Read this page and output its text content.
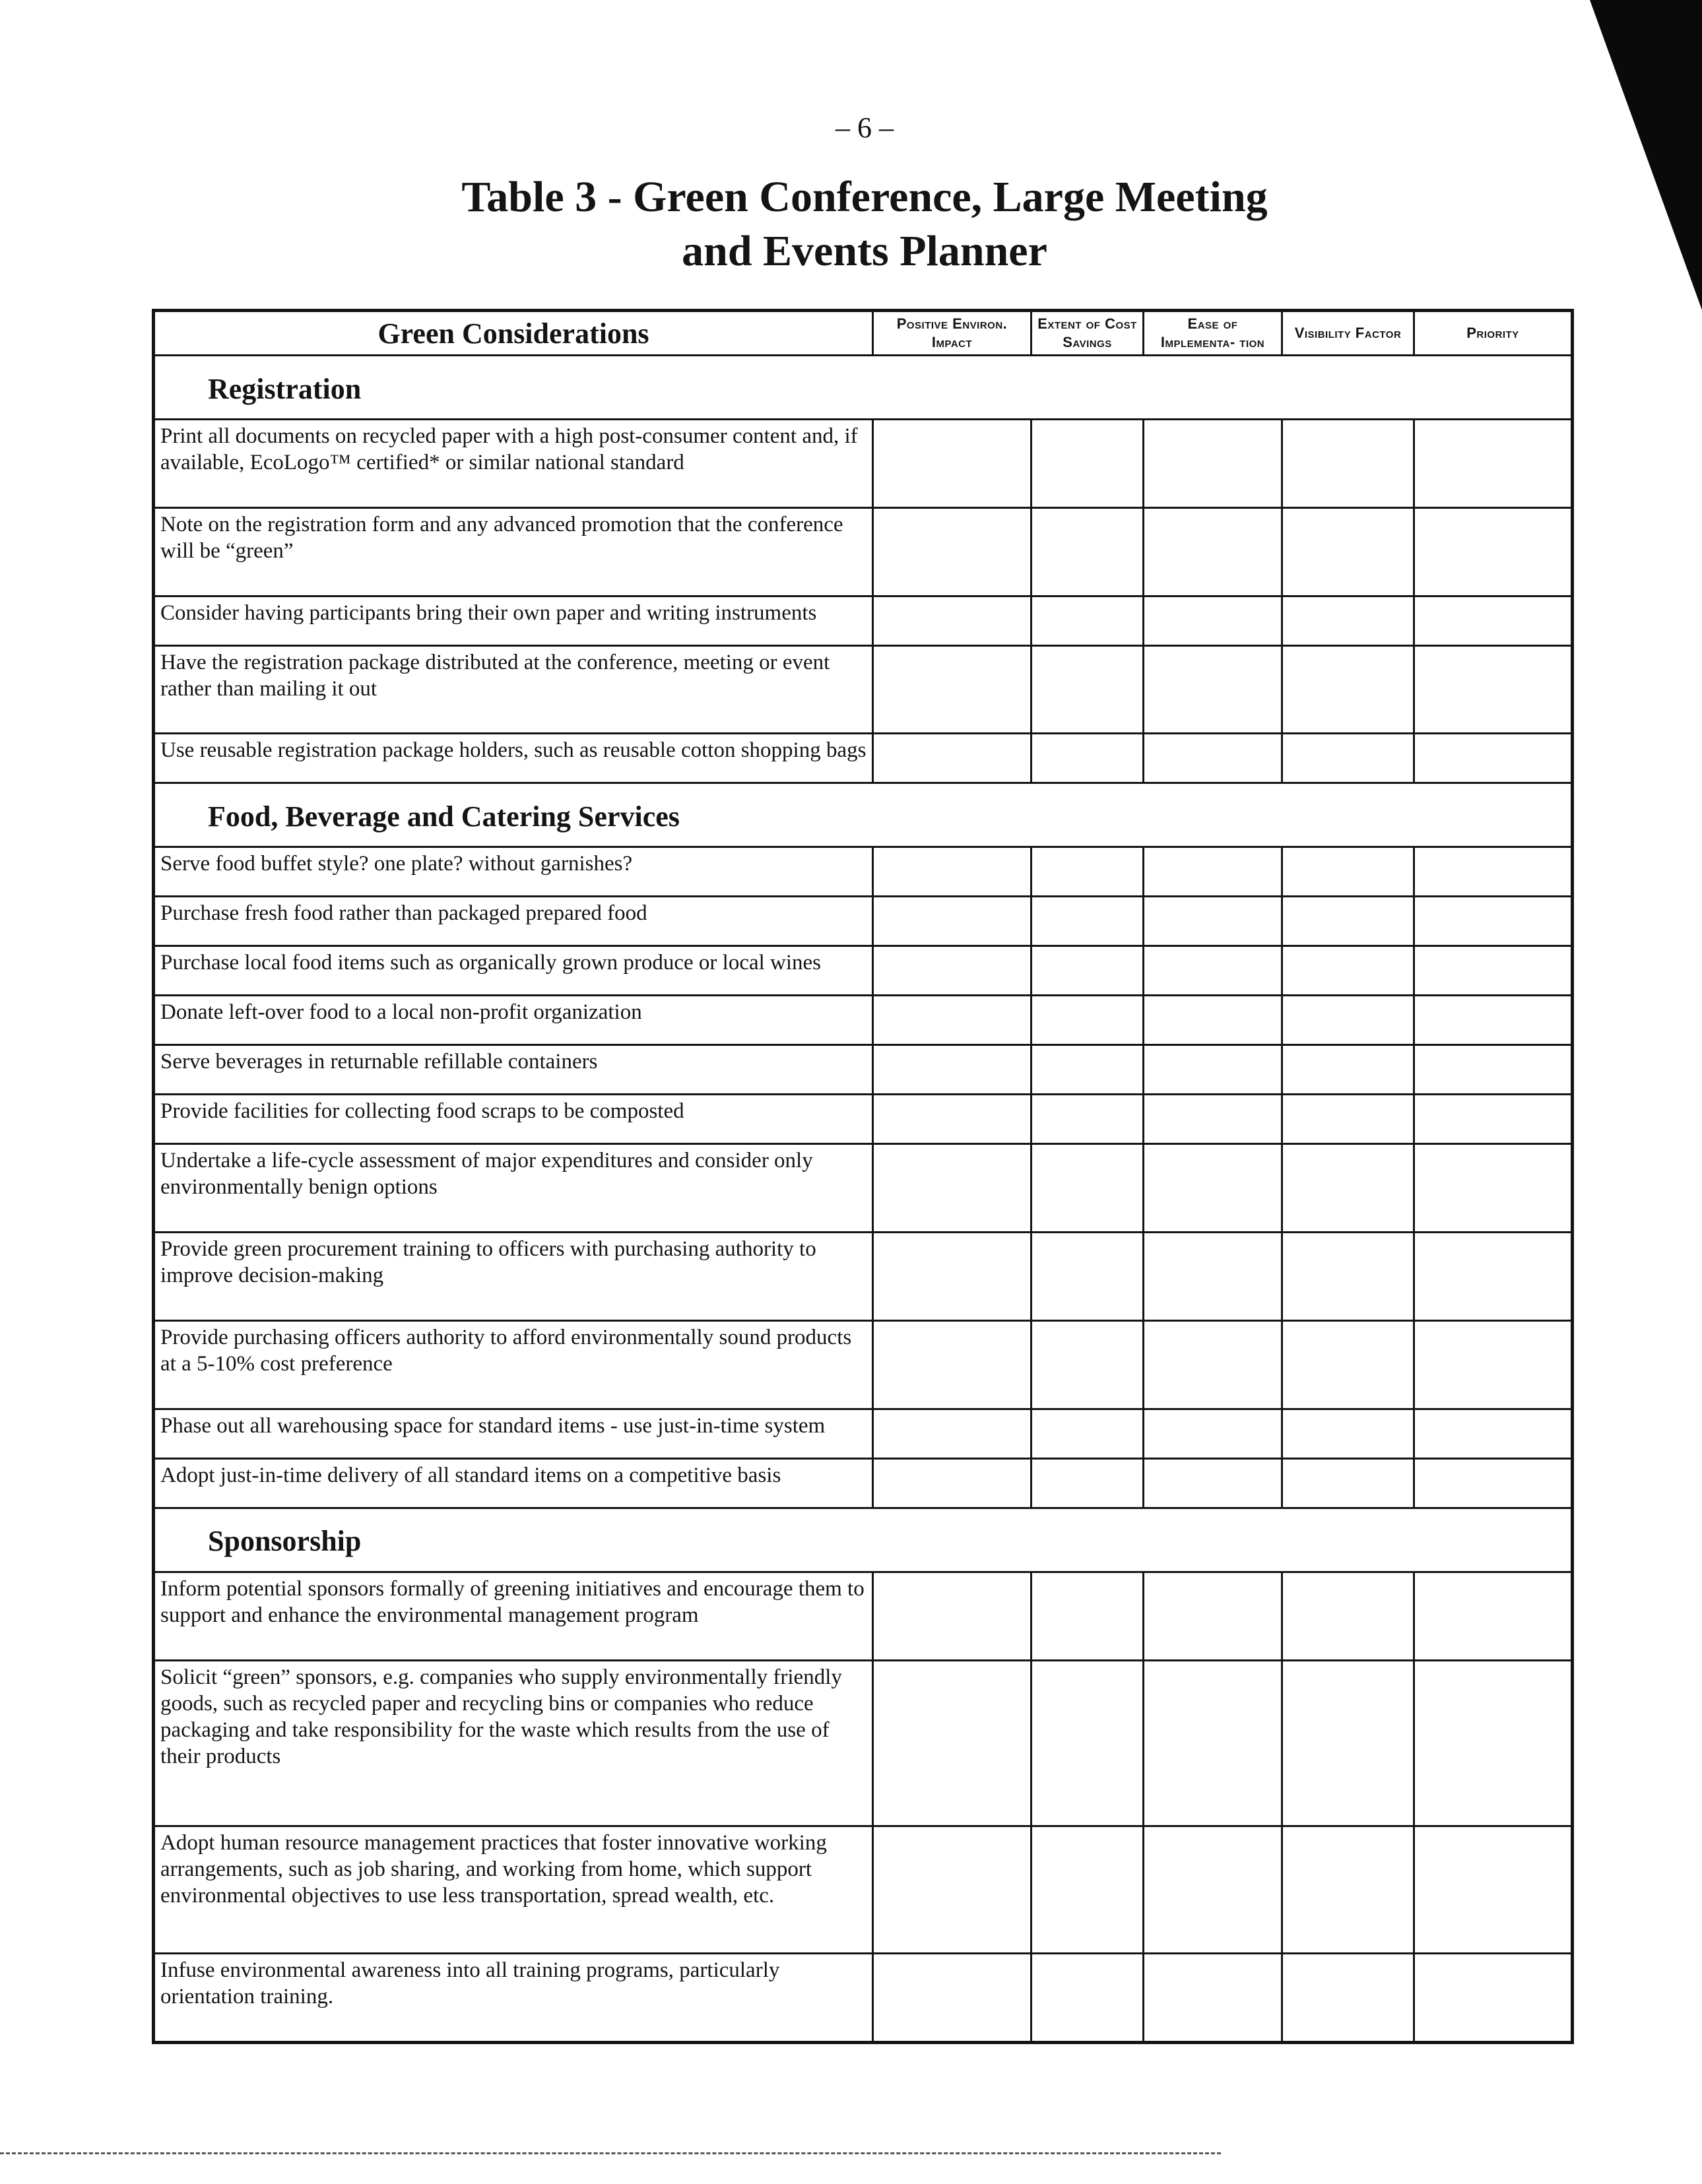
– 6 –
Table 3 - Green Conference, Large Meeting
and Events Planner
Green Considerations	Positive Environ. Impact	Extent of Cost Savings	Ease of Implementa- tion	Visibility Factor	Priority
Registration					
Print all documents on recycled paper with a high post-consumer content and, if available, EcoLogo™ certified* or similar national standard					
Note on the registration form and any advanced promotion that the conference will be “green”					
Consider having participants bring their own paper and writing instruments					
Have the registration package distributed at the conference, meeting or event rather than mailing it out					
Use reusable registration package holders, such as reusable cotton shopping bags					
Food, Beverage and Catering Services					
Serve food buffet style? one plate? without garnishes?					
Purchase fresh food rather than packaged prepared food					
Purchase local food items such as organically grown produce or local wines					
Donate left-over food to a local non-profit organization					
Serve beverages in returnable refillable containers					
Provide facilities for collecting food scraps to be composted					
Undertake a life-cycle assessment of major expenditures and consider only environmentally benign options					
Provide green procurement training to officers with purchasing authority to improve decision-making					
Provide purchasing officers authority to afford environmentally sound products at a 5-10% cost preference					
Phase out all warehousing space for standard items - use just-in-time system					
Adopt just-in-time delivery of all standard items on a competitive basis					
Sponsorship					
Inform potential sponsors formally of greening initiatives and encourage them to support and enhance the environmental management program					
Solicit “green” sponsors, e.g. companies who supply environmentally friendly goods, such as recycled paper and recycling bins or companies who reduce packaging and take responsibility for the waste which results from the use of their products					
Adopt human resource management practices that foster innovative working arrangements, such as job sharing, and working from home, which support environmental objectives to use less transportation, spread wealth, etc.					
Infuse environmental awareness into all training programs, particularly orientation training.					
